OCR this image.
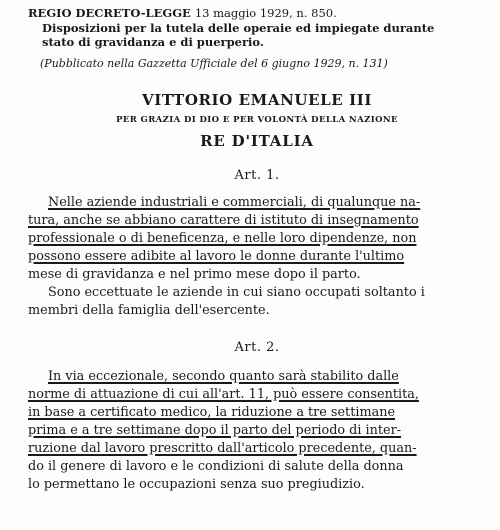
REGIO DECRETO-LEGGE 13 maggio 1929, n. 850.
Disposizioni per la tutela delle operaie ed impiegate durante
stato di gravidanza e di puerperio.
(Pubblicato nella Gazzetta Ufficiale del 6 giugno 1929, n. 131)
VITTORIO EMANUELE III
PER GRAZIA DI DIO E PER VOLONTÀ DELLA NAZIONE
RE D'ITALIA
Art. 1.

Nelle aziende industriali e commerciali, di qualunque na-
tura, anche se abbiano carattere di istituto di insegnamento
professionale o di beneficenza, e nelle loro dipendenze, non
possono essere adibite al lavoro le donne durante l'ultimo
mese di gravidanza e nel primo mese dopo il parto.

Sono eccettuate le aziende in cui siano occupati soltanto i
membri della famiglia dell'esercente.

Art. 2.

In via eccezionale, secondo quanto sarà stabilito dalle
norme di attuazione di cui all'art. 11, può essere consentita,
in base a certificato medico, la riduzione a tre settimane
prima e a tre settimane dopo il parto del periodo di inter-
ruzione dal lavoro prescritto dall'articolo precedente, quan-
do il genere di lavoro e le condizioni di salute della donna
lo permettano le occupazioni senza suo pregiudizio.
